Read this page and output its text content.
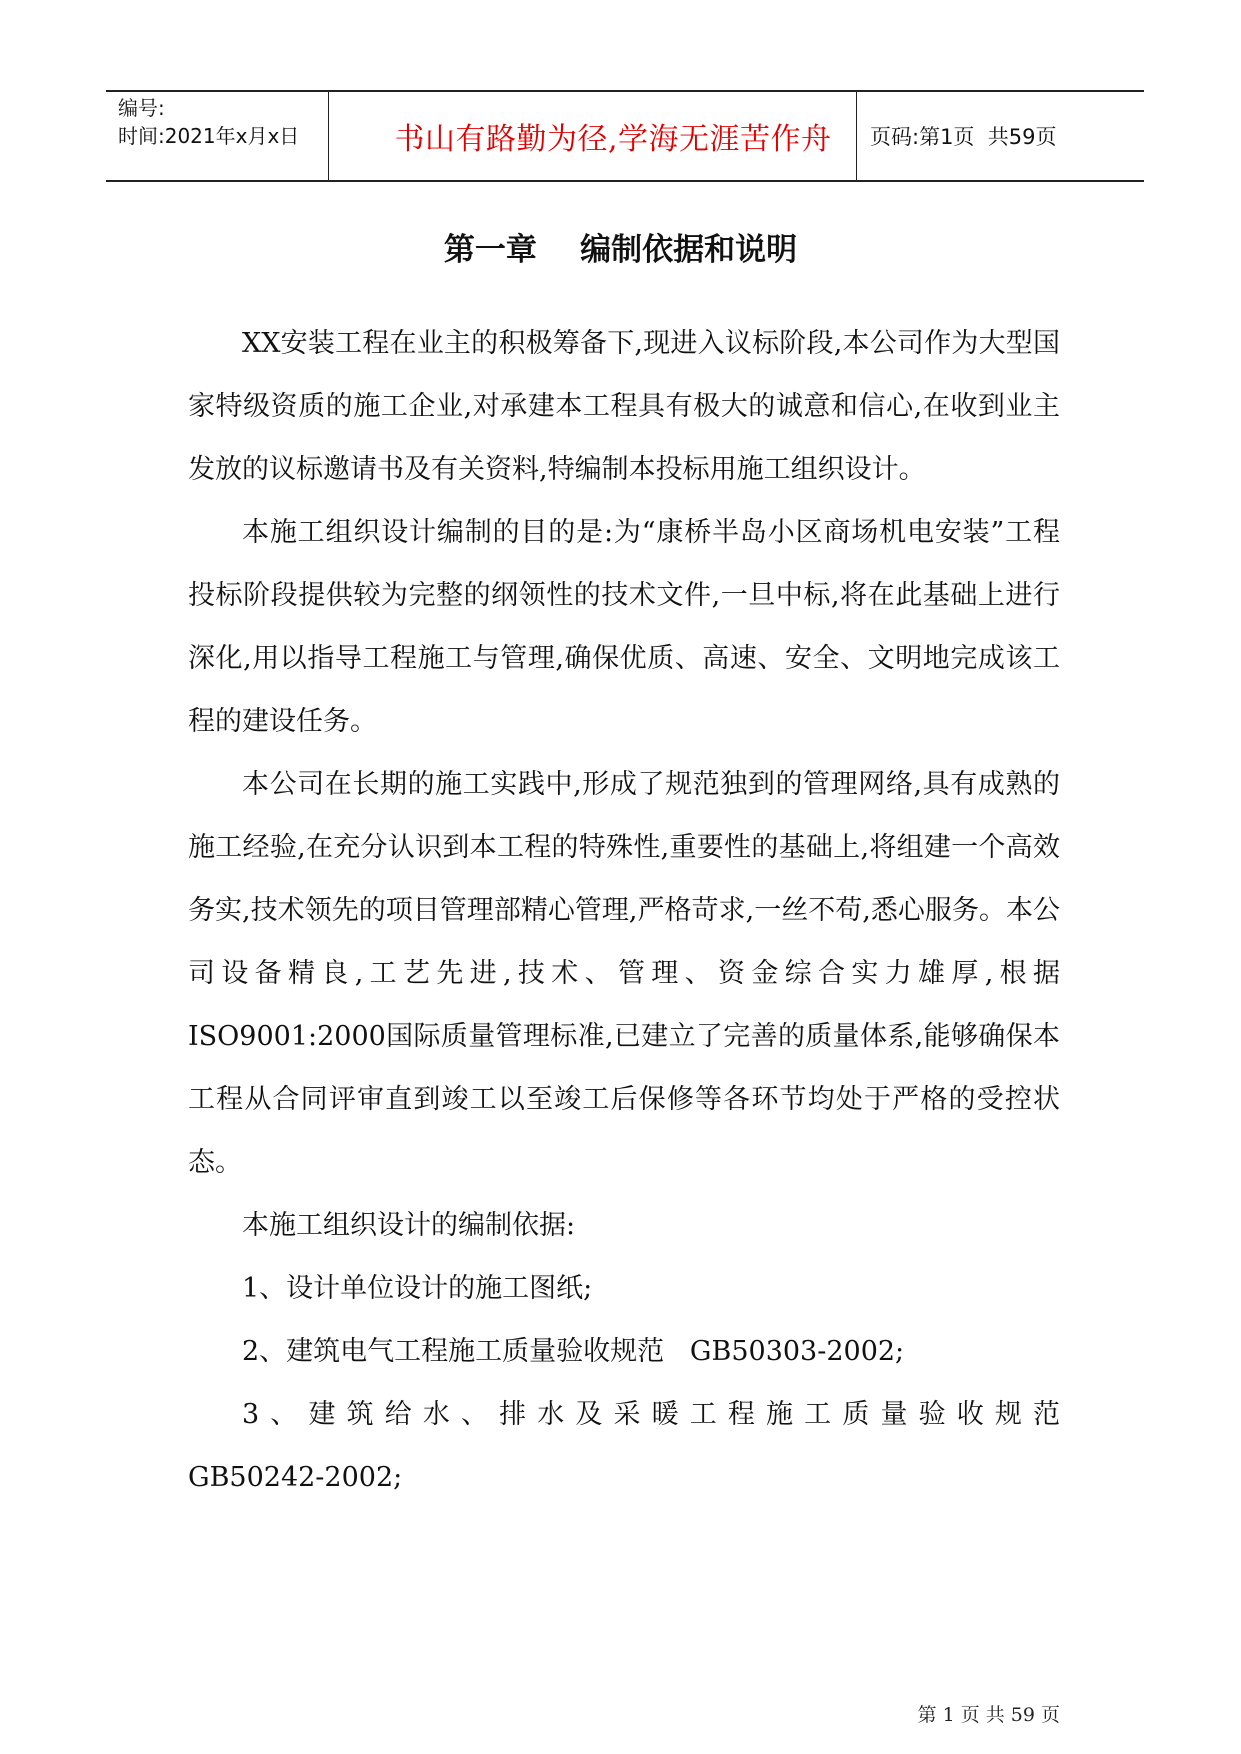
编号:
时间:2021年x月x日	书山有路勤为径,学海无涯苦作舟	页码:第1页  共59页
第一章    编制依据和说明

XX安装工程在业主的积极筹备下,现进入议标阶段,本公司作为大型国家特级资质的施工企业,对承建本工程具有极大的诚意和信心,在收到业主发放的议标邀请书及有关资料,特编制本投标用施工组织设计。

本施工组织设计编制的目的是:为“康桥半岛小区商场机电安装”工程投标阶段提供较为完整的纲领性的技术文件,一旦中标,将在此基础上进行深化,用以指导工程施工与管理,确保优质、高速、安全、文明地完成该工程的建设任务。

本公司在长期的施工实践中,形成了规范独到的管理网络,具有成熟的施工经验,在充分认识到本工程的特殊性,重要性的基础上,将组建一个高效务实,技术领先的项目管理部精心管理,严格苛求,一丝不苟,悉心服务。本公司设备精良,工艺先进,技术、管理、资金综合实力雄厚,根据ISO9001:2000国际质量管理标准,已建立了完善的质量体系,能够确保本工程从合同评审直到竣工以至竣工后保修等各环节均处于严格的受控状态。

本施工组织设计的编制依据:

1、设计单位设计的施工图纸;

2、建筑电气工程施工质量验收规范   GB50303-2002;

3、建筑给水、排水及采暖工程施工质量验收规范

GB50242-2002;

第 1 页 共 59 页
